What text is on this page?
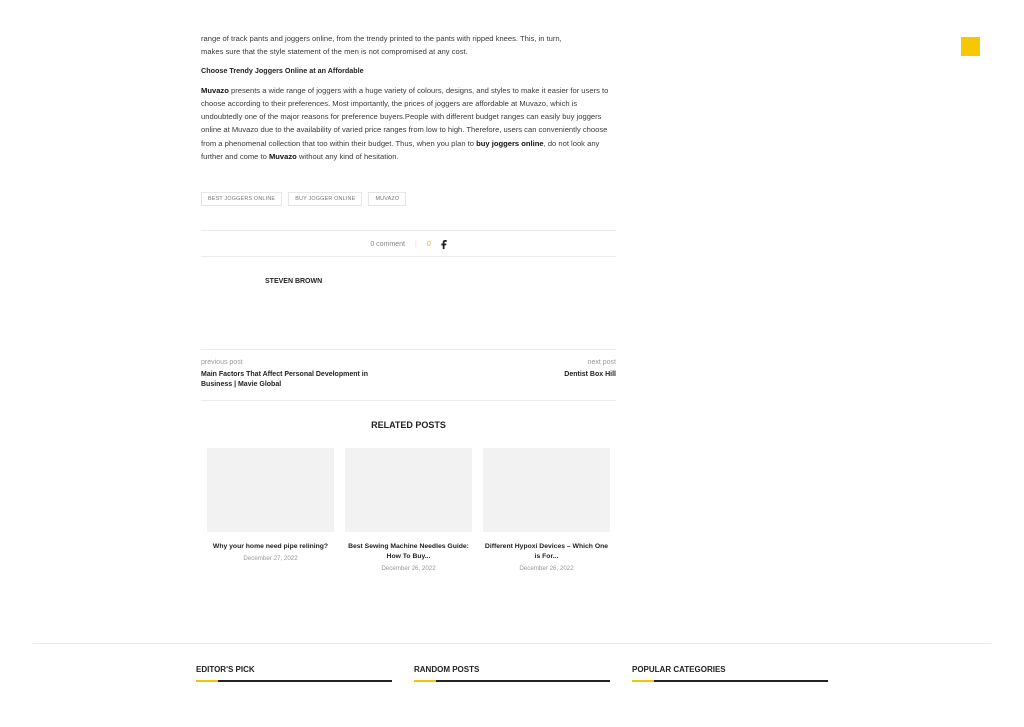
range of track pants and joggers online, from the trendy printed to the pants with ripped knees. This, in turn,

makes sure that the style statement of the men is not compromised at any cost.

Choose Trendy Joggers Online at an Affordable

Muvazo presents a wide range of joggers with a huge variety of colours, designs, and styles to make it easier for users to choose according to their preferences. Most importantly, the prices of joggers are affordable at Muvazo, which is undoubtedly one of the major reasons for preference buyers.People with different budget ranges can easily buy joggers online at Muvazo due to the availability of varied price ranges from low to high. Therefore, users can conveniently choose from a phenomenal collection that too within their budget. Thus, when you plan to buy joggers online, do not look any further and come to Muvazo without any kind of hesitation.

BEST JOGGERS ONLINE	BUY JOGGER ONLINE	MUVAZO
0 comment | 0
STEVEN BROWN
previous post
Main Factors That Affect Personal Development in Business | Mavie Global
next post
Dentist Box Hill
RELATED POSTS
Why your home need pipe relining?
December 27, 2022
Best Sewing Machine Needles Guide: How To Buy...
December 26, 2022
Different Hypoxi Devices – Which One is For...
December 26, 2022
EDITOR'S PICK	RANDOM POSTS	POPULAR CATEGORIES
